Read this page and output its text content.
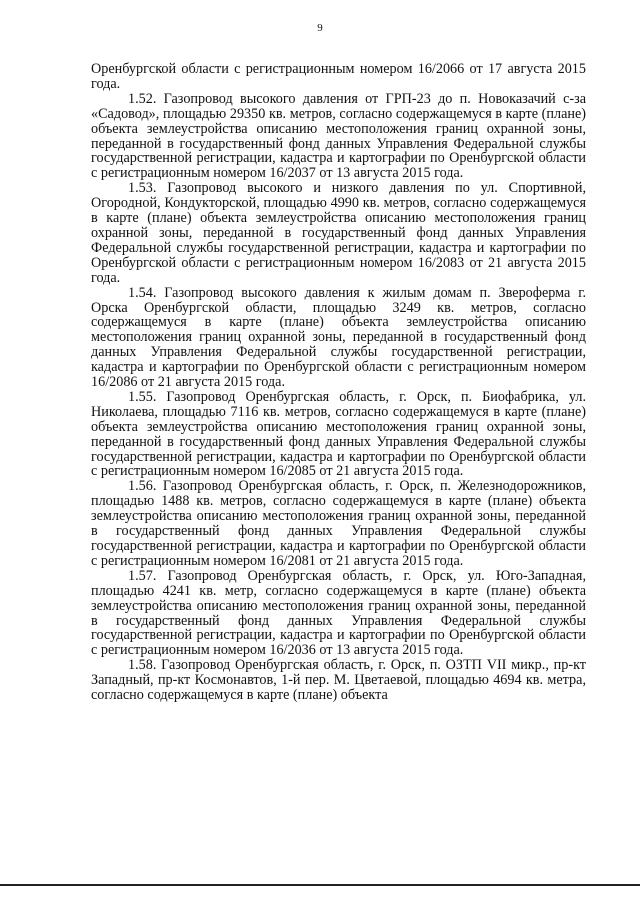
9

Оренбургской области с регистрационным номером 16/2066 от 17 августа 2015 года.

1.52. Газопровод высокого давления от ГРП-23 до п. Новоказачий с-за «Садовод», площадью 29350 кв. метров, согласно содержащемуся в карте (плане) объекта землеустройства описанию местоположения границ охранной зоны, переданной в государственный фонд данных Управления Федеральной службы государственной регистрации, кадастра и картографии по Оренбургской области с регистрационным номером 16/2037 от 13 августа 2015 года.

1.53. Газопровод высокого и низкого давления по ул. Спортивной, Огородной, Кондукторской, площадью 4990 кв. метров, согласно содержащемуся в карте (плане) объекта землеустройства описанию местоположения границ охранной зоны, переданной в государственный фонд данных Управления Федеральной службы государственной регистрации, кадастра и картографии по Оренбургской области с регистрационным номером 16/2083 от 21 августа 2015 года.

1.54. Газопровод высокого давления к жилым домам п. Звероферма г. Орска Оренбургской области, площадью 3249 кв. метров, согласно содержащемуся в карте (плане) объекта землеустройства описанию местоположения границ охранной зоны, переданной в государственный фонд данных Управления Федеральной службы государственной регистрации, кадастра и картографии по Оренбургской области с регистрационным номером 16/2086 от 21 августа 2015 года.

1.55. Газопровод Оренбургская область, г. Орск, п. Биофабрика, ул. Николаева, площадью 7116 кв. метров, согласно содержащемуся в карте (плане) объекта землеустройства описанию местоположения границ охранной зоны, переданной в государственный фонд данных Управления Федеральной службы государственной регистрации, кадастра и картографии по Оренбургской области с регистрационным номером 16/2085 от 21 августа 2015 года.

1.56. Газопровод Оренбургская область, г. Орск, п. Железнодорожников, площадью 1488 кв. метров, согласно содержащемуся в карте (плане) объекта землеустройства описанию местоположения границ охранной зоны, переданной в государственный фонд данных Управления Федеральной службы государственной регистрации, кадастра и картографии по Оренбургской области с регистрационным номером 16/2081 от 21 августа 2015 года.

1.57. Газопровод Оренбургская область, г. Орск, ул. Юго-Западная, площадью 4241 кв. метр, согласно содержащемуся в карте (плане) объекта землеустройства описанию местоположения границ охранной зоны, переданной в государственный фонд данных Управления Федеральной службы государственной регистрации, кадастра и картографии по Оренбургской области с регистрационным номером 16/2036 от 13 августа 2015 года.

1.58. Газопровод Оренбургская область, г. Орск, п. ОЗТП VII микр., пр-кт Западный, пр-кт Космонавтов, 1-й пер. М. Цветаевой, площадью 4694 кв. метра, согласно содержащемуся в карте (плане) объекта
